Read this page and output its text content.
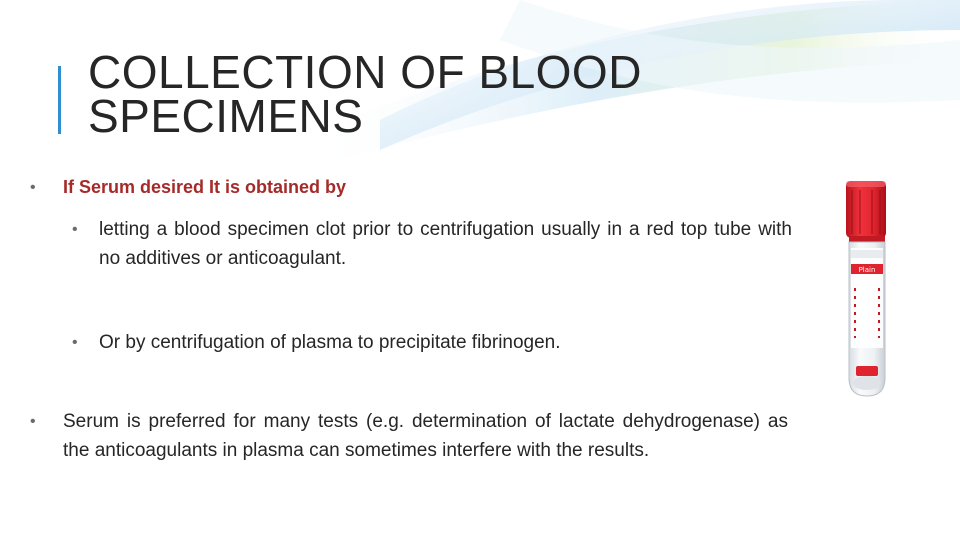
COLLECTION OF BLOOD SPECIMENS
• If Serum desired It is obtained by
• letting a blood specimen clot prior to centrifugation usually in a red top tube with no additives or anticoagulant.
• Or by centrifugation of plasma to precipitate fibrinogen.
• Serum is preferred for many tests (e.g. determination of lactate dehydrogenase) as the anticoagulants in plasma can sometimes interfere with the results.
Plain
